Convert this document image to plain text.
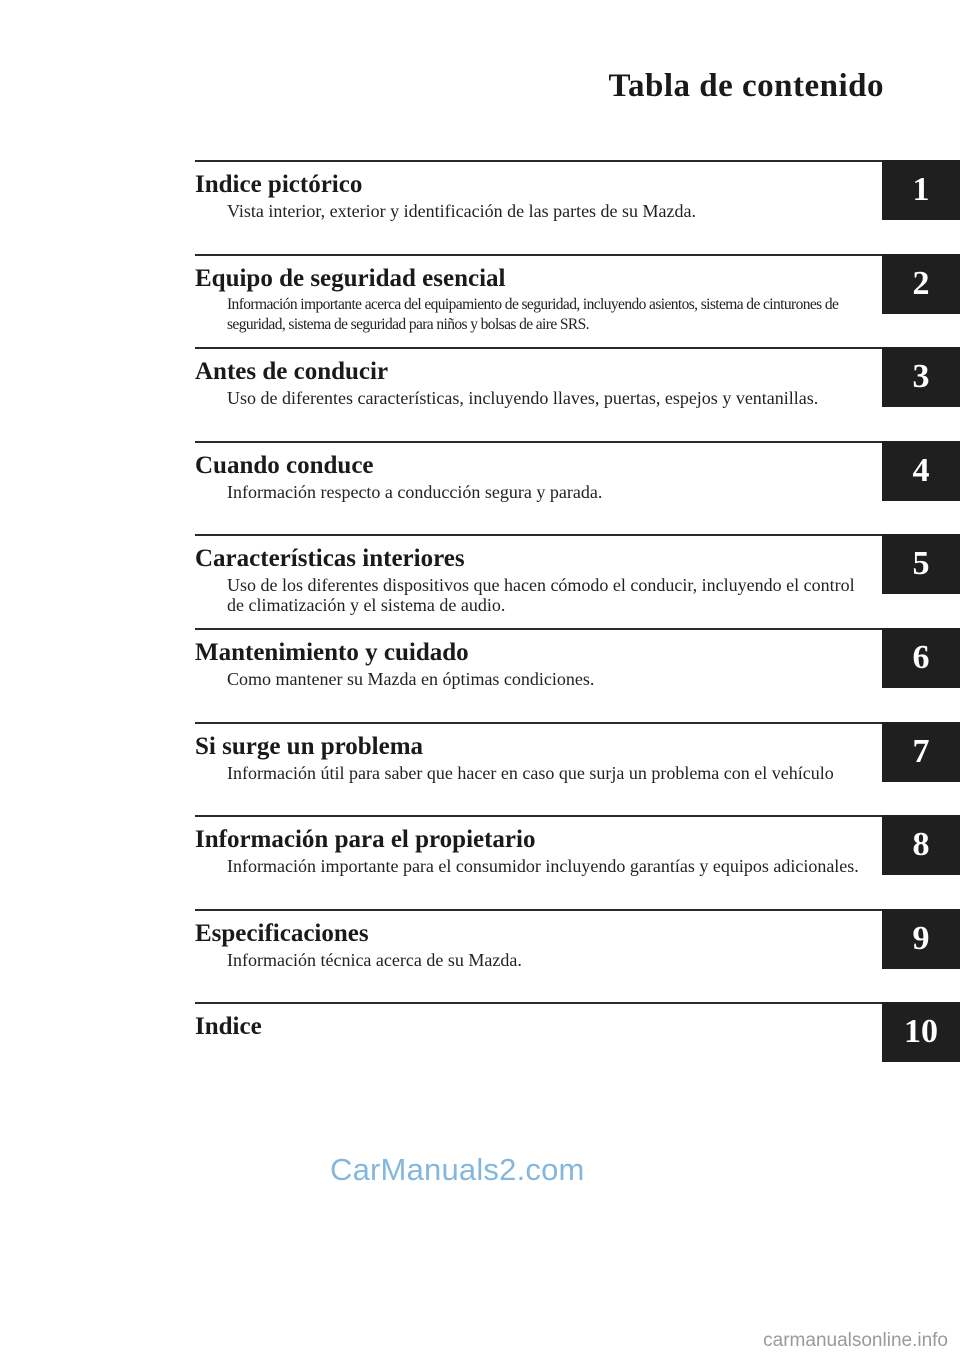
Tabla de contenido
Indice pictórico
Vista interior, exterior y identificación de las partes de su Mazda.
1
Equipo de seguridad esencial
Información importante acerca del equipamiento de seguridad, incluyendo asientos, sistema de cinturones de seguridad, sistema de seguridad para niños y bolsas de aire SRS.
2
Antes de conducir
Uso de diferentes características, incluyendo llaves, puertas, espejos y ventanillas.
3
Cuando conduce
Información respecto a conducción segura y parada.
4
Características interiores
Uso de los diferentes dispositivos que hacen cómodo el conducir, incluyendo el control de climatización y el sistema de audio.
5
Mantenimiento y cuidado
Como mantener su Mazda en óptimas condiciones.
6
Si surge un problema
Información útil para saber que hacer en caso que surja un problema con el vehículo
7
Información para el propietario
Información importante para el consumidor incluyendo garantías y equipos adicionales.
8
Especificaciones
Información técnica acerca de su Mazda.
9
Indice	10
CarManuals2.com
carmanualsonline.info
